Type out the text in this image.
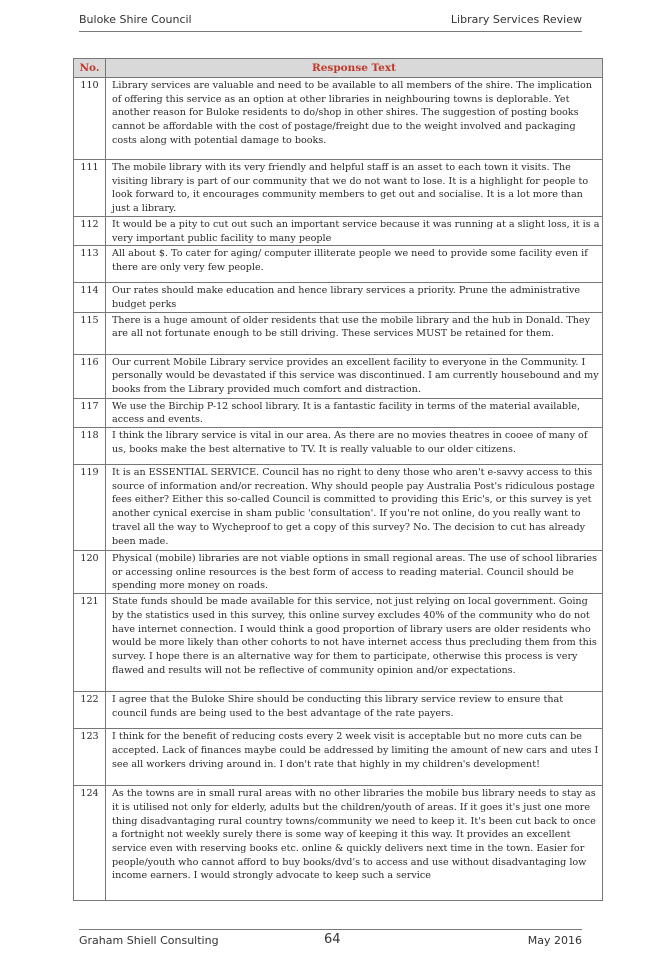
Buloke Shire Council	Library Services Review
No.	Response Text
110	Library services are valuable and need to be available to all members of the shire. The implication of offering this service as an option at other libraries in neighbouring towns is deplorable. Yet another reason for Buloke residents to do/shop in other shires. The suggestion of posting books cannot be affordable with the cost of postage/freight due to the weight involved and packaging costs along with potential damage to books.
111	The mobile library with its very friendly and helpful staff is an asset to each town it visits. The visiting library is part of our community that we do not want to lose. It is a highlight for people to look forward to, it encourages community members to get out and socialise. It is a lot more than just a library.
112	It would be a pity to cut out such an important service because it was running at a slight loss, it is a very important public facility to many people
113	All about $. To cater for aging/ computer illiterate people we need to provide some facility even if there are only very few people.
114	Our rates should make education and hence library services a priority. Prune the administrative budget perks
115	There is a huge amount of older residents that use the mobile library and the hub in Donald. They are all not fortunate enough to be still driving. These services MUST be retained for them.
116	Our current Mobile Library service provides an excellent facility to everyone in the Community. I personally would be devastated if this service was discontinued. I am currently housebound and my books from the Library provided much comfort and distraction.
117	We use the Birchip P-12 school library. It is a fantastic facility in terms of the material available, access and events.
118	I think the library service is vital in our area. As there are no movies theatres in cooee of many of us, books make the best alternative to TV. It is really valuable to our older citizens.
119	It is an ESSENTIAL SERVICE. Council has no right to deny those who aren't e-savvy access to this source of information and/or recreation. Why should people pay Australia Post's ridiculous postage fees either? Either this so-called Council is committed to providing this Eric's, or this survey is yet another cynical exercise in sham public 'consultation'. If you're not online, do you really want to travel all the way to Wycheproof to get a copy of this survey? No. The decision to cut has already been made.
120	Physical (mobile) libraries are not viable options in small regional areas. The use of school libraries or accessing online resources is the best form of access to reading material. Council should be spending more money on roads.
121	State funds should be made available for this service, not just relying on local government. Going by the statistics used in this survey, this online survey excludes 40% of the community who do not have internet connection. I would think a good proportion of library users are older residents who would be more likely than other cohorts to not have internet access thus precluding them from this survey. I hope there is an alternative way for them to participate, otherwise this process is very flawed and results will not be reflective of community opinion and/or expectations.
122	I agree that the Buloke Shire should be conducting this library service review to ensure that council funds are being used to the best advantage of the rate payers.
123	I think for the benefit of reducing costs every 2 week visit is acceptable but no more cuts can be accepted. Lack of finances maybe could be addressed by limiting the amount of new cars and utes I see all workers driving around in. I don't rate that highly in my children's development!
124	As the towns are in small rural areas with no other libraries the mobile bus library needs to stay as it is utilised not only for elderly, adults but the children/youth of areas. If it goes it's just one more thing disadvantaging rural country towns/community we need to keep it. It's been cut back to once a fortnight not weekly surely there is some way of keeping it this way. It provides an excellent service even with reserving books etc. online & quickly delivers next time in the town. Easier for people/youth who cannot afford to buy books/dvd's to access and use without disadvantaging low income earners. I would strongly advocate to keep such a service
Graham Shiell Consulting	64	May 2016
